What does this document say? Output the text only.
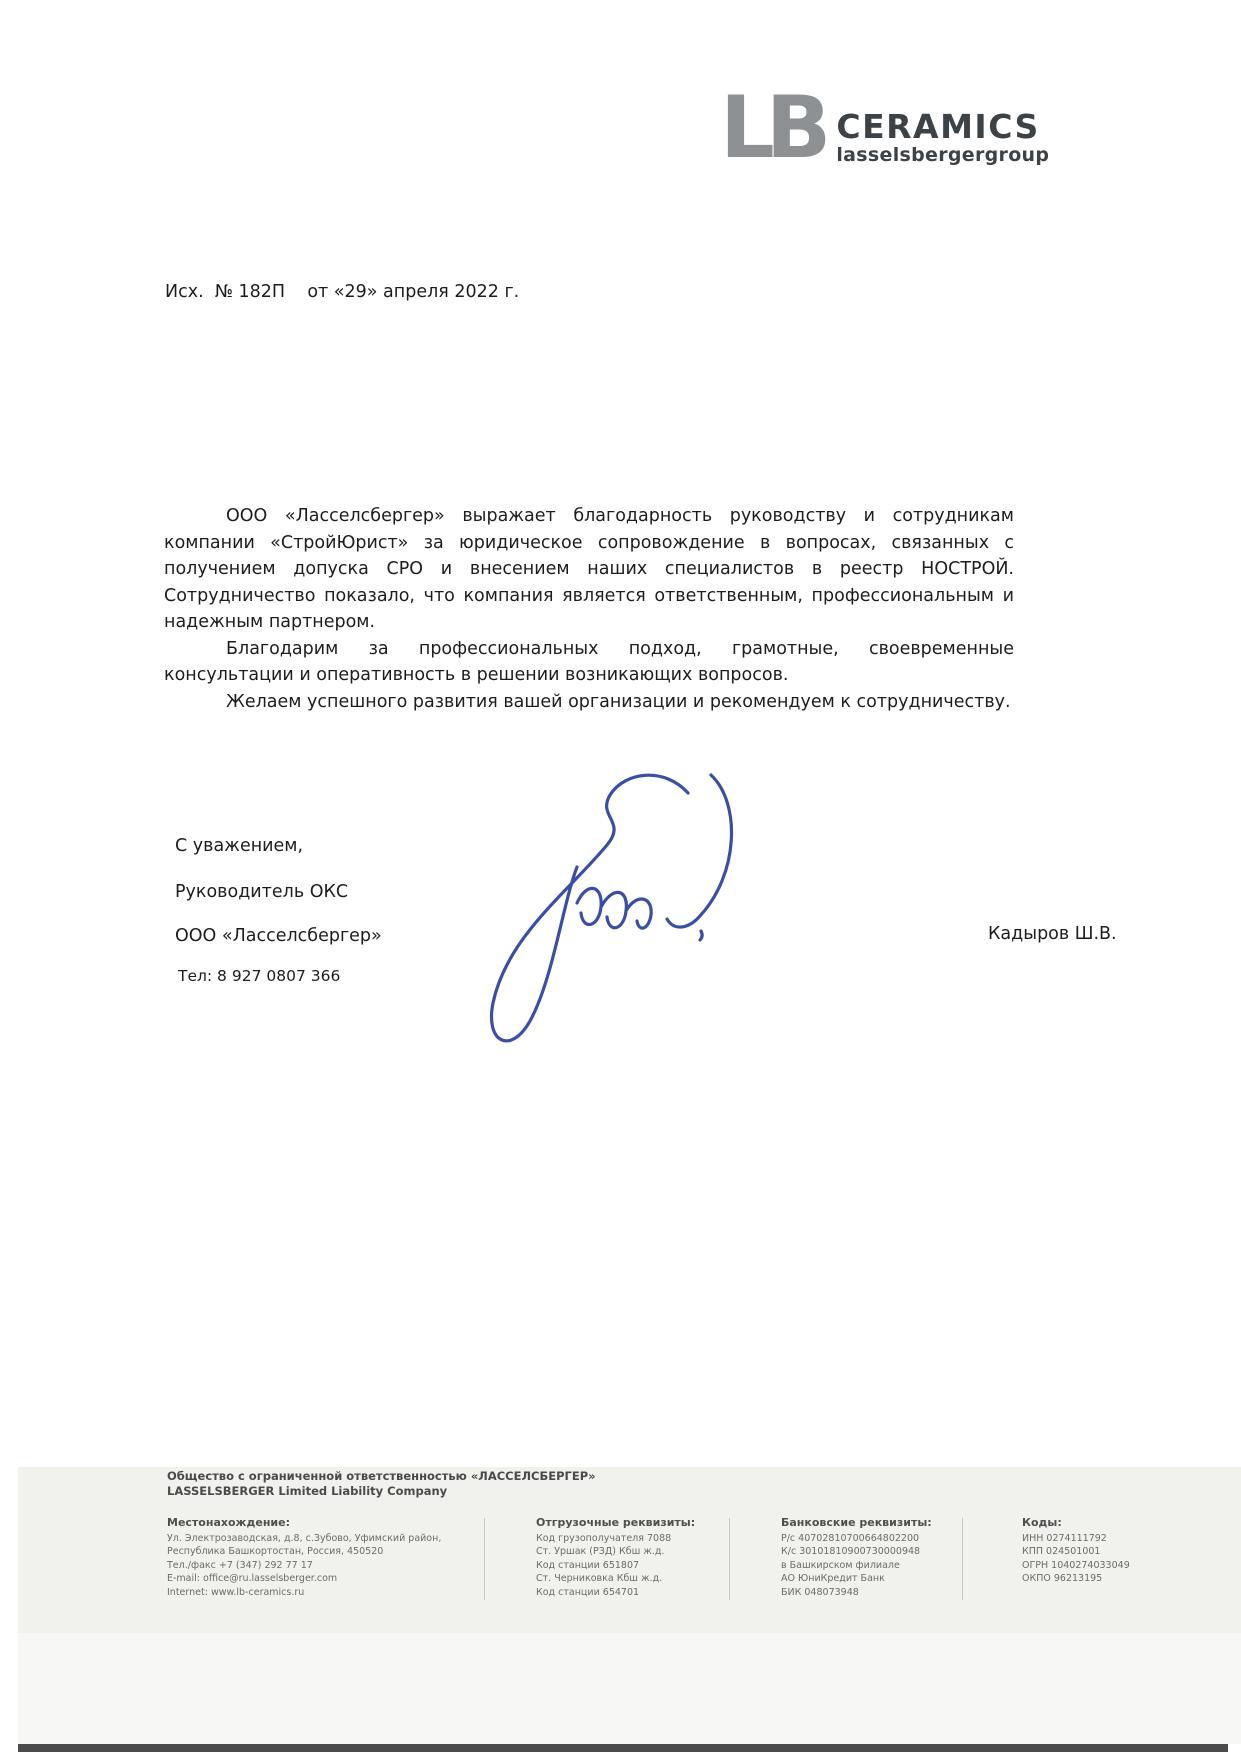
LB CERAMICS
lasselsbergergroup
Исх.  № 182П    от «29» апреля 2022 г.

ООО «Ласселсбергер» выражает благодарность руководству и сотрудникам компании «СтройЮрист» за юридическое сопровождение в вопросах, связанных с получением допуска СРО и внесением наших специалистов в реестр НОСТРОЙ. Сотрудничество показало, что компания является ответственным, профессиональным и надежным партнером.

Благодарим за профессиональных подход, грамотные, своевременные консультации и оперативность в решении возникающих вопросов.

Желаем успешного развития вашей организации и рекомендуем к сотрудничеству.

С уважением,
Руководитель ОКС
ООО «Ласселсбергер»
Тел: 8 927 0807 366
Кадыров Ш.В.
Общество с ограниченной ответственностью «ЛАССЕЛСБЕРГЕР»
LASSELSBERGER Limited Liability Company
Местонахождение:
Ул. Электрозаводская, д.8, с.Зубово, Уфимский район,
Республика Башкортостан, Россия, 450520
Тел./факс +7 (347) 292 77 17
E-mail: office@ru.lasselsberger.com
Internet: www.lb-ceramics.ru
Отгрузочные реквизиты:
Код грузополучателя 7088
Ст. Уршак (РЗД) Кбш ж.д.
Код станции 651807
Ст. Черниковка Кбш ж.д.
Код станции 654701
Банковские реквизиты:
Р/с 40702810700664802200
К/с 30101810900730000948
в Башкирском филиале
АО ЮниКредит Банк
БИК 048073948
Коды:
ИНН 0274111792
КПП 024501001
ОГРН 1040274033049
ОКПО 96213195
